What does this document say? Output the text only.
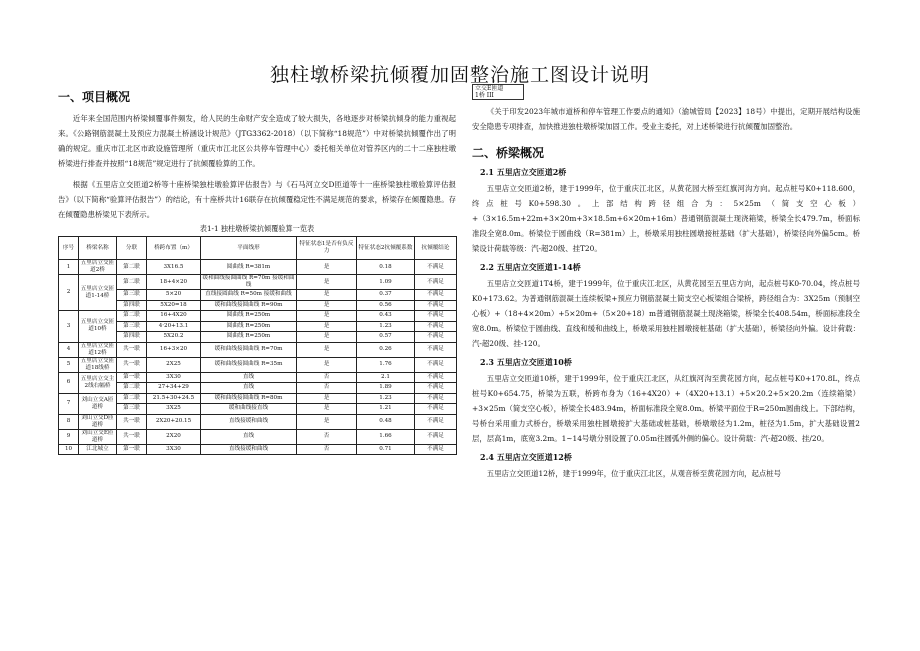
独柱墩桥梁抗倾覆加固整治施工图设计说明
一、项目概况

近年来全国范围内桥梁倾覆事件频发，给人民的生命财产安全造成了较大损失，各地逐步对桥梁抗倾身的能力重视起来。《公路钢筋混凝土及预应力混凝土桥涵设计规范》（JTG3362-2018）（以下简称“18规范”）中对桥梁抗倾覆作出了明确的规定。重庆市江北区市政设施管理所（重庆市江北区公共停车管理中心）委托相关单位对管养区内的二十二座独柱墩桥梁进行排查并按照“18规范”规定进行了抗倾覆验算的工作。

根据《五里店立交匝道2桥等十座桥梁独柱墩验算评估报告》与《石马河立交D匝道等十一座桥梁独柱墩验算评估报告》（以下简称“验算评估报告”）的结论，有十座桥共计16联存在抗倾覆稳定性不满足规范的要求，桥梁存在倾覆隐患。存在倾覆隐患桥梁见下表所示。

表1-1 独柱墩桥梁抗倾覆验算一览表
序号	桥梁名称	分联	桥跨布置（m）	平面线形	特征状态1是否有负反力	特征状态2抗倾覆系数	抗倾覆结论
1	五里店立交匝道2桥	第二联	3X16.5	圆曲线 R=381m	是	0.18	不满足
2	五里店立交匝道1-14桥	第二联	18+4×20	缓和曲线接圆曲线 R=70m 接缓和曲线	是	1.09	不满足
		第三联	5×20	直线接圆曲线 R=50m 接缓和曲线	是	0.37	不满足
		第四联	5X20=18	缓和曲线接圆曲线 R=90m	是	0.56	不满足
3	五里店立交匝道10桥	第二联	16+4X20	圆曲线 R=250m	是	0.43	不满足
		第三联	4·20+13.1	圆曲线 R=250m	是	1.23	不满足
		第四联	5X20.2	圆曲线 R=250m	是	0.57	不满足
4	五里店立交匝道12桥	共一联	16+3×20	缓和曲线接圆曲线 R=70m	是	0.26	不满足
5	五里店立交匝道18线桥	共一联	2X25	缓和曲线接圆曲线 R=35m	是	1.76	不满足
6	五里店立交主2线右幅桥	第一联	3X30	直线	否	2.1	不满足
		第二联	27+34+29	直线	否	1.89	不满足
7	刘山立交A匝道桥	第二联	21.5+30+24.5	缓和曲线接圆曲线 R=80m	是	1.23	不满足
		第三联	3X25	缓和曲线接直线	是	1.21	不满足
8	刘山立交D匝道桥	共一联	2X20+20.15	直线接缓和曲线	是	0.48	不满足
9	刘山立交E匝道桥	共一联	2X20	直线	否	1.66	不满足
10	江北城立	第一联	3X30	直线接缓和曲线	否	0.71	不满足
立交E匝道
1桥 III

《关于印发2023年城市道桥和停车管理工作要点的通知》（渝城管局【2023】18号）中提出，定期开展结构设施安全隐患专项排查，加快推进独柱墩桥梁加固工作。受业主委托，对上述桥梁进行抗倾覆加固整治。

二、桥梁概况
2.1 五里店立交匝道2桥

五里店立交匝道2桥，建于1999年，位于重庆江北区，从黄花园大桥至红旗河沟方向。起点桩号K0+118.600，终点桩号K0+598.30。上部结构跨径组合为：5×25m（简支空心板）+（3×16.5m+22m+3×20m+3×18.5m+6×20m+16m）普通钢筋混凝土现浇箱梁，桥梁全长479.7m，桥面标准段全宽8.0m。桥梁位于圆曲线（R=381m）上，桥墩采用独柱圆墩接桩基础（扩大基础），桥梁径向外偏5cm。桥梁设计荷载等级：汽-超20级、挂T20。

2.2 五里店立交匝道1-14桥

五里店立交匝道1T4桥，建于1999年，位于重庆江北区，从黄花园至五里店方向，起点桩号K0-70.04，终点桩号K0+173.62。为普通钢筋混凝土连续板梁+预应力钢筋混凝土简支空心板梁组合梁桥，跨径组合为：3X25m（预制空心板）+（18+4×20m）+5×20m+（5×20+18）m普通钢筋混凝土现浇箱梁，桥梁全长408.54m，桥面标准段全宽8.0m。桥梁位于圆曲线、直线和缓和曲线上，桥墩采用独柱圆墩接桩基础（扩大基础），桥梁径向外偏。设计荷载：汽-超20级、挂-120。

2.3 五里店立交匝道10桥

五里店立交匝道10桥，建于1999年，位于重庆江北区，从红旗河沟至黄花园方向，起点桩号K0+170.8L，终点桩号K0+654.75，桥梁为五联，桥跨布身为（16+4X20）+（4X20+13.1）+5×20.2+5×20.2m（连续箱梁）+3×25m（简支空心板），桥梁全长483.94m，桥面标准段全宽8.0m。桥梁平面位于R=250m圆曲线上。下部结构，号桥台采用重力式桥台，桥墩采用独柱圆墩接扩大基础或桩基础，桥墩墩径为1.2m，桩径为1.5m，扩大基础设置2层，层高1m，底宽3.2m。1~14号墩分别设置了0.05m往圆弧外侧的偏心。设计荷载：汽-超20级、挂/20。

2.4 五里店立交匝道12桥

五里店立交匝道12桥，建于1999年，位于重庆江北区，从观音桥至黄花园方向，起点桩号
